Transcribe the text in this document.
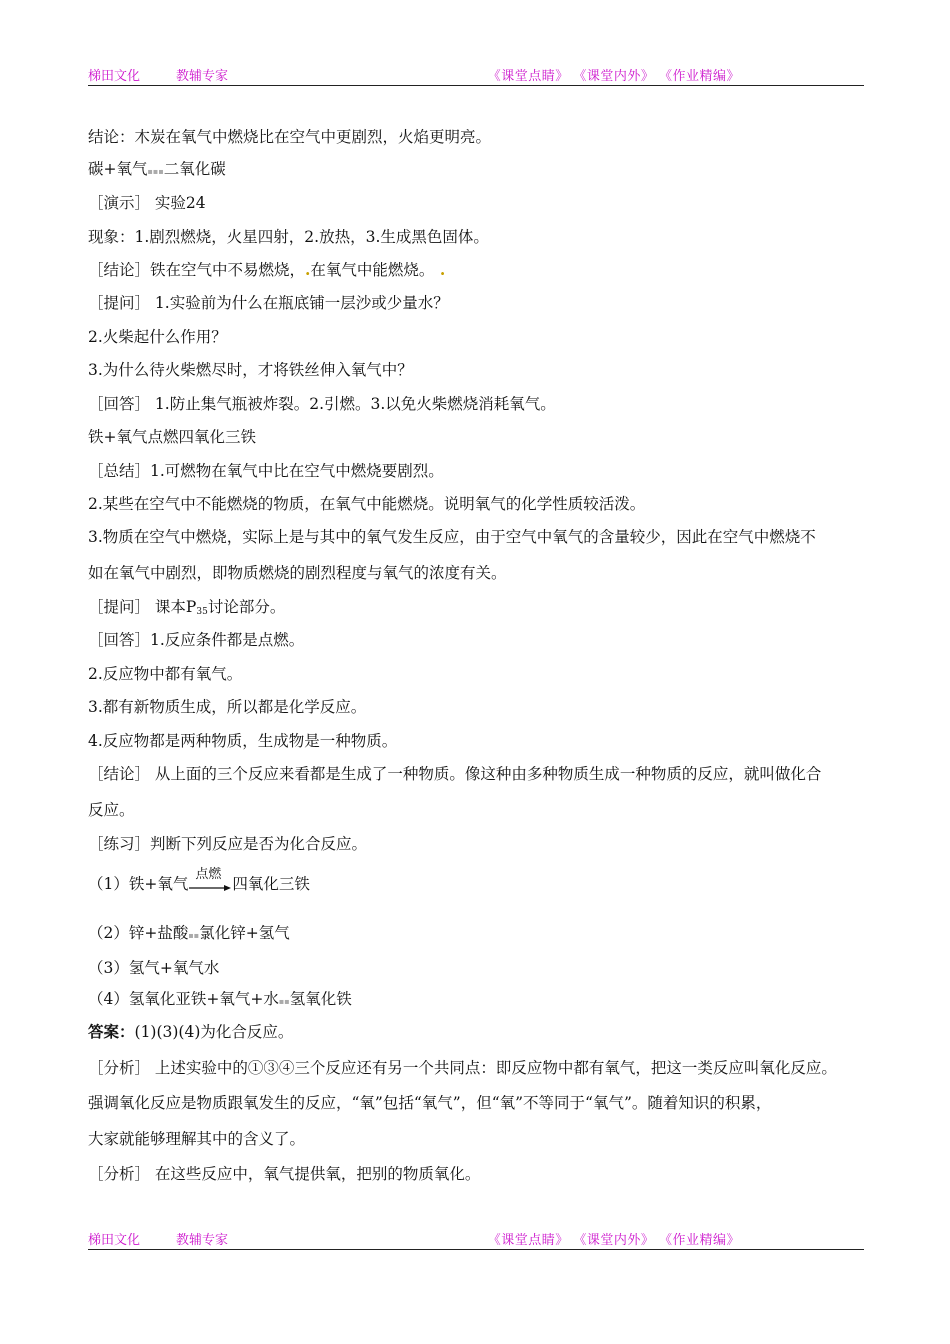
梯田文化	教辅专家	《课堂点睛》 《课堂内外》 《作业精编》
结论：木炭在氧气中燃烧比在空气中更剧烈，火焰更明亮。
碳+氧气▪▪▪二氧化碳
［演示］ 实验24
现象：1.剧烈燃烧，火星四射，2.放热，3.生成黑色固体。
［结论］铁在空气中不易燃烧，.在氧气中能燃烧。 .
［提问］ 1.实验前为什么在瓶底铺一层沙或少量水？
2.火柴起什么作用？
3.为什么待火柴燃尽时，才将铁丝伸入氧气中？
［回答］ 1.防止集气瓶被炸裂。2.引燃。3.以免火柴燃烧消耗氧气。
铁+氧气点燃四氧化三铁
［总结］1.可燃物在氧气中比在空气中燃烧要剧烈。
2.某些在空气中不能燃烧的物质，在氧气中能燃烧。说明氧气的化学性质较活泼。
3.物质在空气中燃烧，实际上是与其中的氧气发生反应，由于空气中氧气的含量较少，因此在空气中燃烧不
如在氧气中剧烈，即物质燃烧的剧烈程度与氧气的浓度有关。
［提问］ 课本$P_{35}$讨论部分。
［回答］1.反应条件都是点燃。
2.反应物中都有氧气。
3.都有新物质生成，所以都是化学反应。
4.反应物都是两种物质，生成物是一种物质。
［结论］ 从上面的三个反应来看都是生成了一种物质。像这种由多种物质生成一种物质的反应，就叫做化合
反应。
［练习］判断下列反应是否为化合反应。
（1）铁+氧气
点燃
四氧化三铁
（2）锌+盐酸▪▪氯化锌+氢气
（3）氢气+氧气水
（4）氢氧化亚铁+氧气+水▪▪氢氧化铁
答案：(1)(3)(4)为化合反应。
［分析］ 上述实验中的①③④三个反应还有另一个共同点：即反应物中都有氧气，把这一类反应叫氧化反应。
强调氧化反应是物质跟氧发生的反应，“氧”包括“氧气”，但“氧”不等同于“氧气”。随着知识的积累，
大家就能够理解其中的含义了。
［分析］ 在这些反应中，氧气提供氧，把别的物质氧化。
梯田文化	教辅专家	《课堂点睛》 《课堂内外》 《作业精编》
